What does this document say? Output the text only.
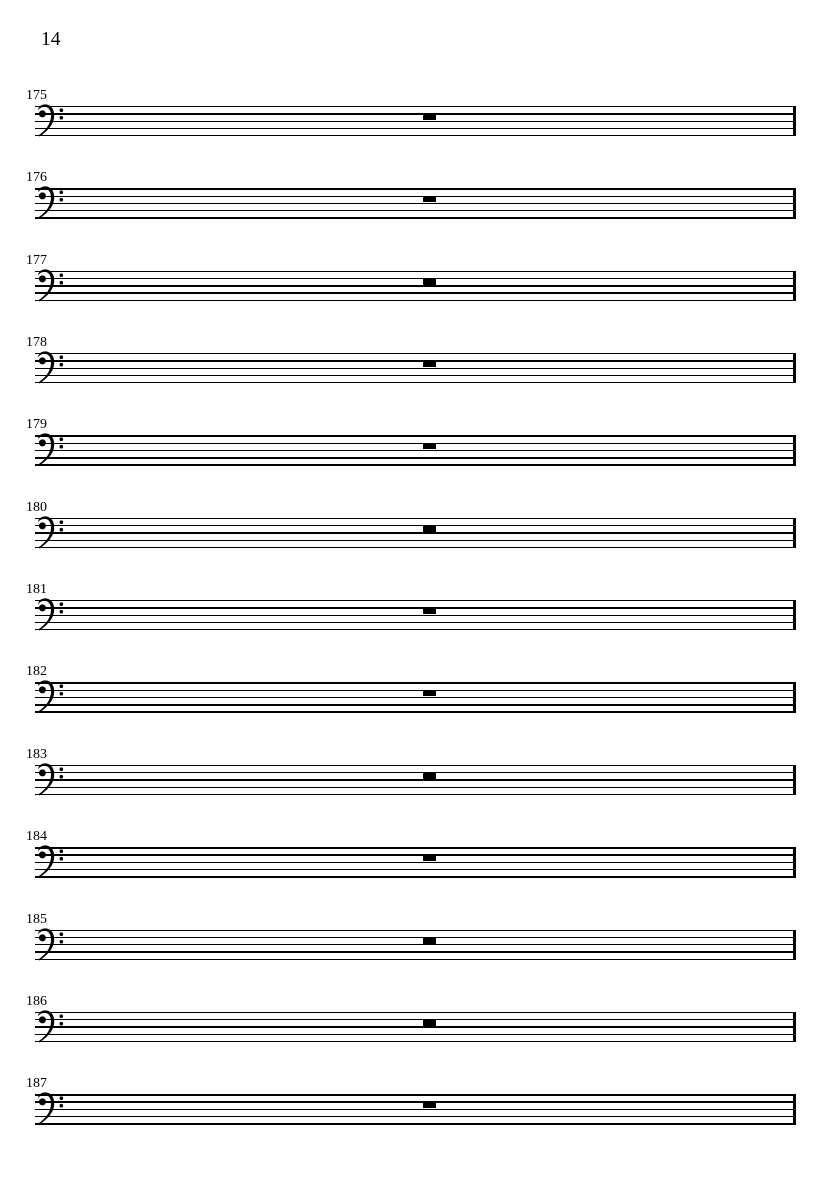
14
175
176
177
178
179
180
181
182
183
184
185
186
187
